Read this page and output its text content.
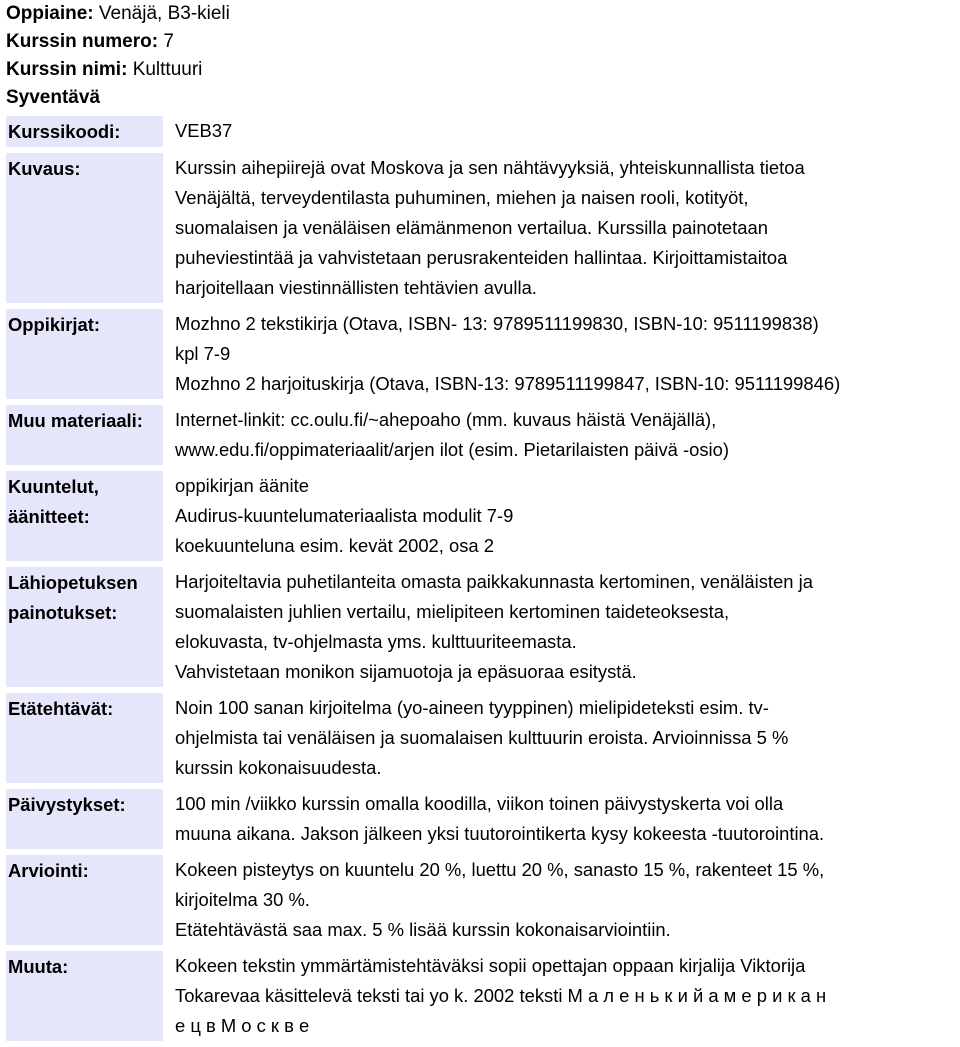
Oppiaine: Venäjä, B3-kieli
Kurssin numero: 7
Kurssin nimi: Kulttuuri
Syventävä
Kurssikoodi:		VEB37

Kuvaus:		Kurssin aihepiirejä ovat Moskova ja sen nähtävyyksiä, yhteiskunnallista tietoa
Venäjältä, terveydentilasta puhuminen, miehen ja naisen rooli, kotityöt,
suomalaisen ja venäläisen elämänmenon vertailua. Kurssilla painotetaan
puheviestintää ja vahvistetaan perusrakenteiden hallintaa. Kirjoittamistaitoa
harjoitellaan viestinnällisten tehtävien avulla.

Oppikirjat:		Mozhno 2 tekstikirja (Otava, ISBN- 13: 9789511199830, ISBN-10: 9511199838)
kpl 7-9
Mozhno 2 harjoituskirja (Otava, ISBN-13: 9789511199847, ISBN-10: 9511199846)

Muu materiaali:		Internet-linkit: cc.oulu.fi/~ahepoaho (mm. kuvaus häistä Venäjällä),
www.edu.fi/oppimateriaalit/arjen ilot (esim. Pietarilaisten päivä -osio)

Kuuntelut,
äänitteet:		oppikirjan äänite
Audirus-kuuntelumateriaalista modulit 7-9
koekuunteluna esim. kevät 2002, osa 2

Lähiopetuksen
painotukset:		Harjoiteltavia puhetilanteita omasta paikkakunnasta kertominen, venäläisten ja
suomalaisten juhlien vertailu, mielipiteen kertominen taideteoksesta,
elokuvasta, tv-ohjelmasta yms. kulttuuriteemasta.
Vahvistetaan monikon sijamuotoja ja epäsuoraa esitystä.

Etätehtävät:		Noin 100 sanan kirjoitelma (yo-aineen tyyppinen) mielipideteksti esim. tv-
ohjelmista tai venäläisen ja suomalaisen kulttuurin eroista. Arvioinnissa 5 %
kurssin kokonaisuudesta.

Päivystykset:		100 min /viikko kurssin omalla koodilla, viikon toinen päivystyskerta voi olla
muuna aikana. Jakson jälkeen yksi tuutorointikerta kysy kokeesta -tuutorointina.

Arviointi:		Kokeen pisteytys on kuuntelu 20 %, luettu 20 %, sanasto 15 %, rakenteet 15 %,
kirjoitelma 30 %.
Etätehtävästä saa max. 5 % lisää kurssin kokonaisarviointiin.

Muuta:		Kokeen tekstin ymmärtämistehtäväksi sopii opettajan oppaan kirjalija Viktorija
Tokarevaa käsittelevä teksti tai yo k. 2002 teksti М а л е н ь к и й а м е р и к а н
е ц в М о с к в е
